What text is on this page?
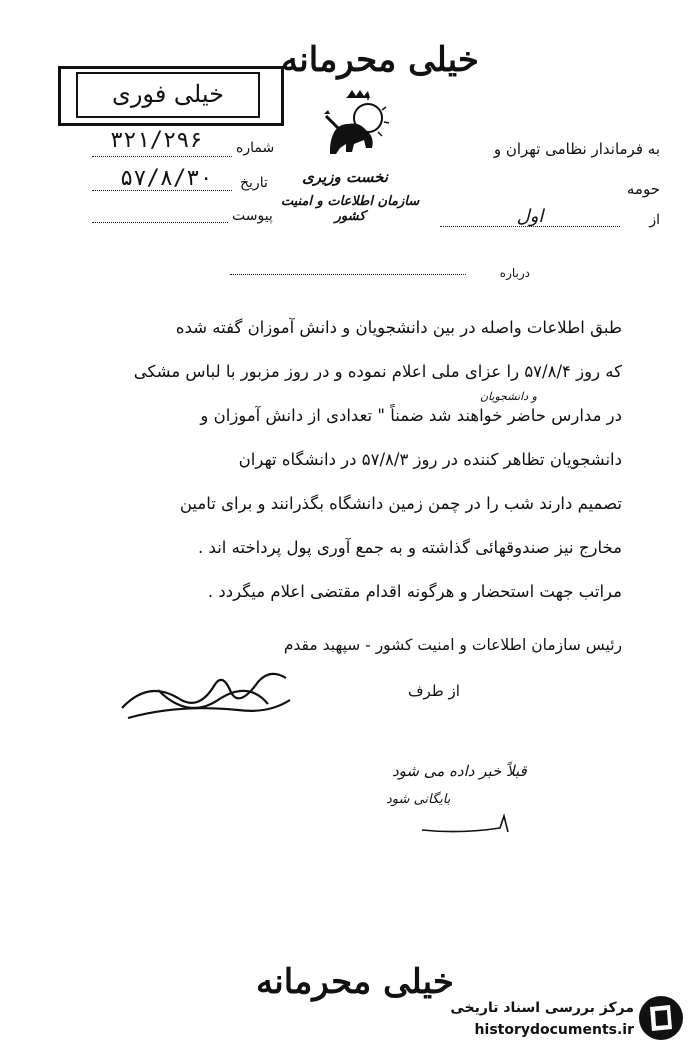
خیلی محرمانه
خیلی فوری
شماره
۳۲۱/۲۹۶
تاریخ
۵۷/۸/۳۰
پیوست
نخست وزیری
سازمان اطلاعات و امنیت کشور
به فرماندار نظامی تهران و
حومه
از
اول
درباره
طبق اطلاعات واصله در بین دانشجویان و دانش آموزان گفته شده
که روز ۵۷/۸/۴ را عزای ملی اعلام نموده و در روز مزبور با لباس مشکی
و دانشجویان
در مدارس حاضر خواهند شد ضمناً " تعدادی از دانش آموزان و
دانشجویان تظاهر کننده در روز ۵۷/۸/۳ در دانشگاه تهران
تصمیم دارند شب را در چمن زمین دانشگاه بگذرانند و برای تامین
مخارج نیز صندوقهائی گذاشته و به جمع آوری پول پرداخته اند .
مراتب جهت استحضار و هرگونه اقدام مقتضی اعلام میگردد .
رئیس سازمان اطلاعات و امنیت کشور - سپهبد مقدم
از طرف
قبلاً خبر داده می شود
بایگانی شود
خیلی محرمانه
مرکز بررسی اسناد تاریخی
historydocuments.ir
